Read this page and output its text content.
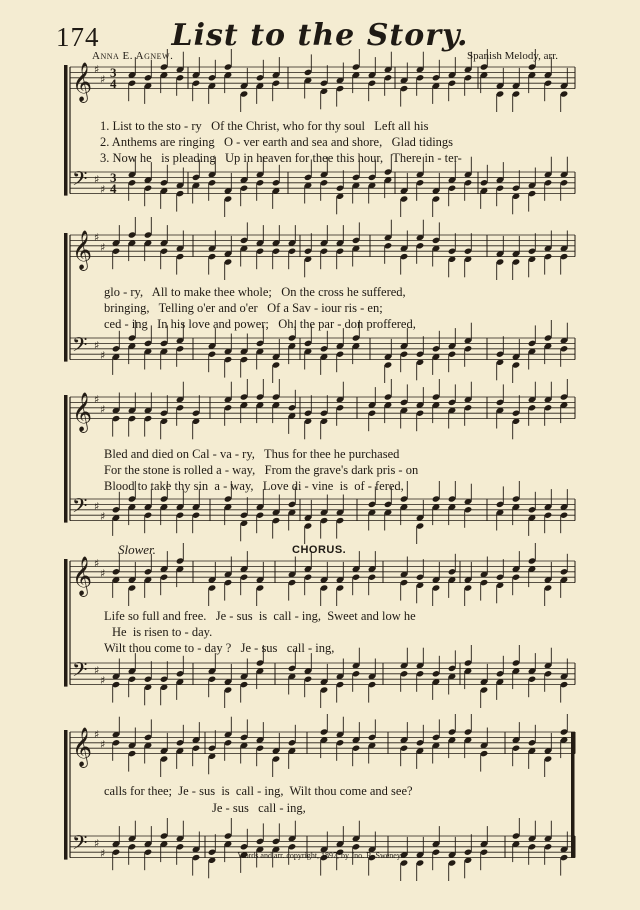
𝄞 ♯
♯ 3
4
𝄢 ♯
♯
3
4
𝄞 ♯
♯
𝄢 ♯
♯
𝄞 ♯
♯
𝄢 ♯
♯
𝄞 ♯
♯
𝄢 ♯
♯
𝄞 ♯
♯
𝄢 ♯
♯
174	List to the Story.
Anna E. Agnew.	Spanish Melody, arr.
Slower.	CHORUS.
1. List to the sto - ry   Of the Christ, who for thy soul   Left all his
2. Anthems are ringing   O - ver earth and sea and shore,   Glad tidings
3. Now he   is pleading   Up in heaven for thee this hour,   There in - ter-
glo - ry,   All to make thee whole;   On the cross he suffered,
bringing,   Telling o'er and o'er   Of a Sav - iour ris - en;
ced - ing   In his love and power;   Oh, the par - don proffered,
Bled and died on Cal - va - ry,   Thus for thee he purchased
For the stone is rolled a - way,   From the grave's dark pris - on
Blood to take thy sin  a - way,   Love di - vine  is  of - fered,
Life so full and free.   Je - sus  is  call - ing,  Sweet and low he
He  is risen to - day.
Wilt thou come to - day ?   Je - sus   call - ing,
calls for thee;  Je - sus  is  call - ing,  Wilt thou come and see?
Je - sus   call - ing,
Words and arr. copyright, 1897, by Jno. R. Sweney.
